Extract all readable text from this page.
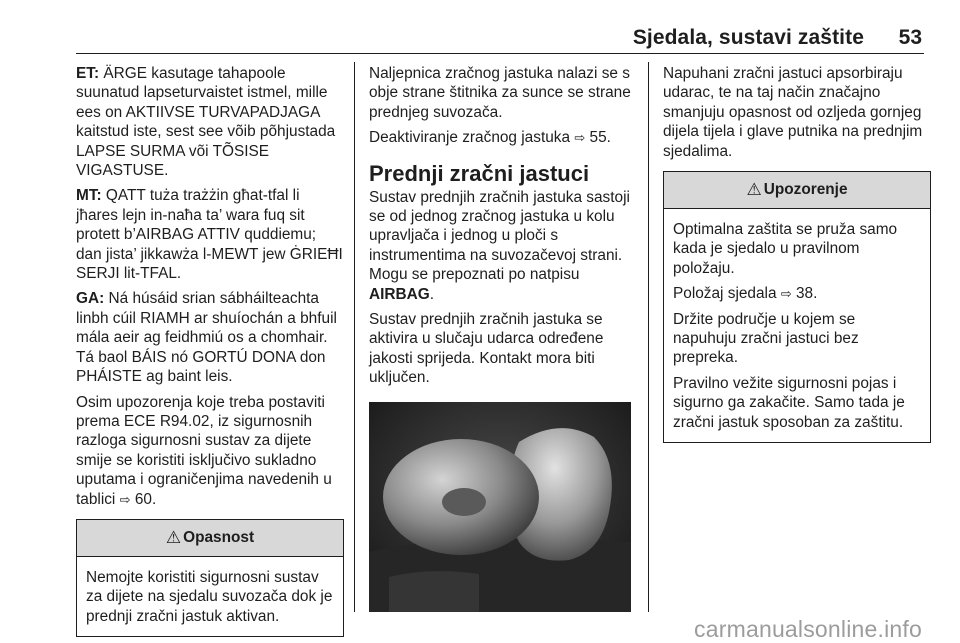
Sjedala, sustavi zaštite 53

ET: ÄRGE kasutage tahapoole suunatud lapseturvaistet istmel, mille ees on AKTIIVSE TURVAPADJAGA kaitstud iste, sest see võib põhjustada LAPSE SURMA või TÕSISE VIGASTUSE.

MT: QATT tuża trażżin għat-tfal li jħares lejn in-naħa ta’ wara fuq sit protett b’AIRBAG ATTIV quddiemu; dan jista’ jikkawża l-MEWT jew ĠRIEĦI SERJI lit-TFAL.

GA: Ná húsáid srian sábháilteachta linbh cúil RIAMH ar shuíochán a bhfuil mála aeir ag feidhmiú os a chomhair. Tá baol BÁIS nó GORTÚ DONA don PHÁISTE ag baint leis.

Osim upozorenja koje treba postaviti prema ECE R94.02, iz sigurnosnih razloga sigurnosni sustav za dijete smije se koristiti isključivo sukladno uputama i ograničenjima navedenih u tablici ⇨ 60.

⚠ Opasnost

Nemojte koristiti sigurnosni sustav za dijete na sjedalu suvozača dok je prednji zračni jastuk aktivan.

Naljepnica zračnog jastuka nalazi se s obje strane štitnika za sunce se strane prednjeg suvozača.

Deaktiviranje zračnog jastuka ⇨ 55.

Prednji zračni jastuci

Sustav prednjih zračnih jastuka sastoji se od jednog zračnog jastuka u kolu upravljača i jednog u ploči s instrumentima na suvozačevoj strani. Mogu se prepoznati po natpisu AIRBAG.

Sustav prednjih zračnih jastuka se aktivira u slučaju udarca određene jakosti sprijeda. Kontakt mora biti uključen.

Napuhani zračni jastuci apsorbiraju udarac, te na taj način značajno smanjuju opasnost od ozljeda gornjeg dijela tijela i glave putnika na prednjim sjedalima.

⚠ Upozorenje

Optimalna zaštita se pruža samo kada je sjedalo u pravilnom položaju.

Položaj sjedala ⇨ 38.

Držite područje u kojem se napuhuju zračni jastuci bez prepreka.

Pravilno vežite sigurnosni pojas i sigurno ga zakačite. Samo tada je zračni jastuk sposoban za zaštitu.

carmanualsonline.info
